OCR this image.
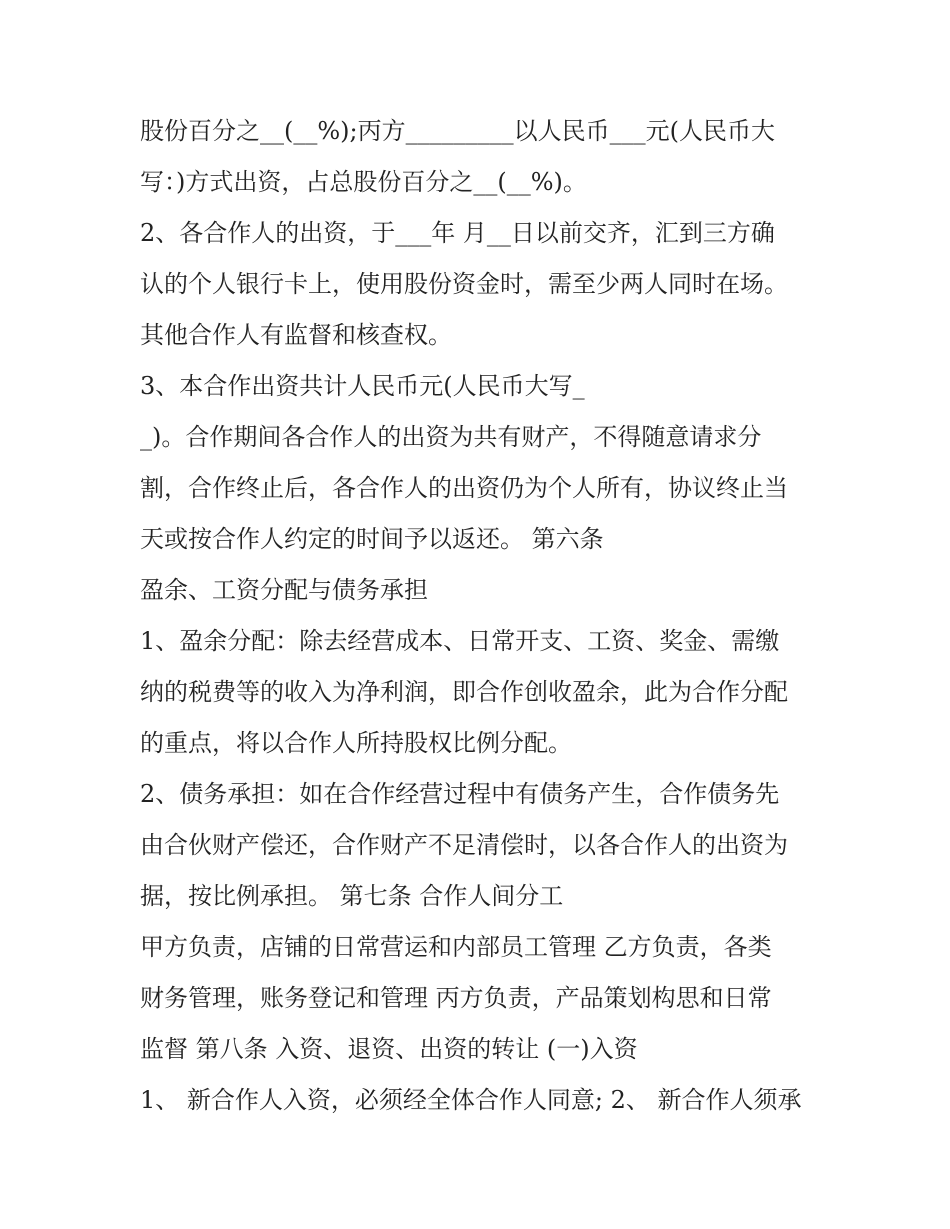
股份百分之__(__%);丙方_________以人民币___元(人民币大
写：)方式出资，占总股份百分之__(__%)。
2、各合作人的出资，于___年 月__日以前交齐，汇到三方确
认的个人银行卡上，使用股份资金时，需至少两人同时在场。
其他合作人有监督和核查权。
3、本合作出资共计人民币元(人民币大写_
_)。合作期间各合作人的出资为共有财产，不得随意请求分
割，合作终止后，各合作人的出资仍为个人所有，协议终止当
天或按合作人约定的时间予以返还。 第六条
盈余、工资分配与债务承担
1、盈余分配：除去经营成本、日常开支、工资、奖金、需缴
纳的税费等的收入为净利润，即合作创收盈余，此为合作分配
的重点，将以合作人所持股权比例分配。
2、债务承担：如在合作经营过程中有债务产生，合作债务先
由合伙财产偿还，合作财产不足清偿时，以各合作人的出资为
据，按比例承担。 第七条 合作人间分工
甲方负责，店铺的日常营运和内部员工管理 乙方负责，各类
财务管理，账务登记和管理 丙方负责，产品策划构思和日常
监督 第八条 入资、退资、出资的转让 (一)入资
1、 新合作人入资，必须经全体合作人同意; 2、 新合作人须承
